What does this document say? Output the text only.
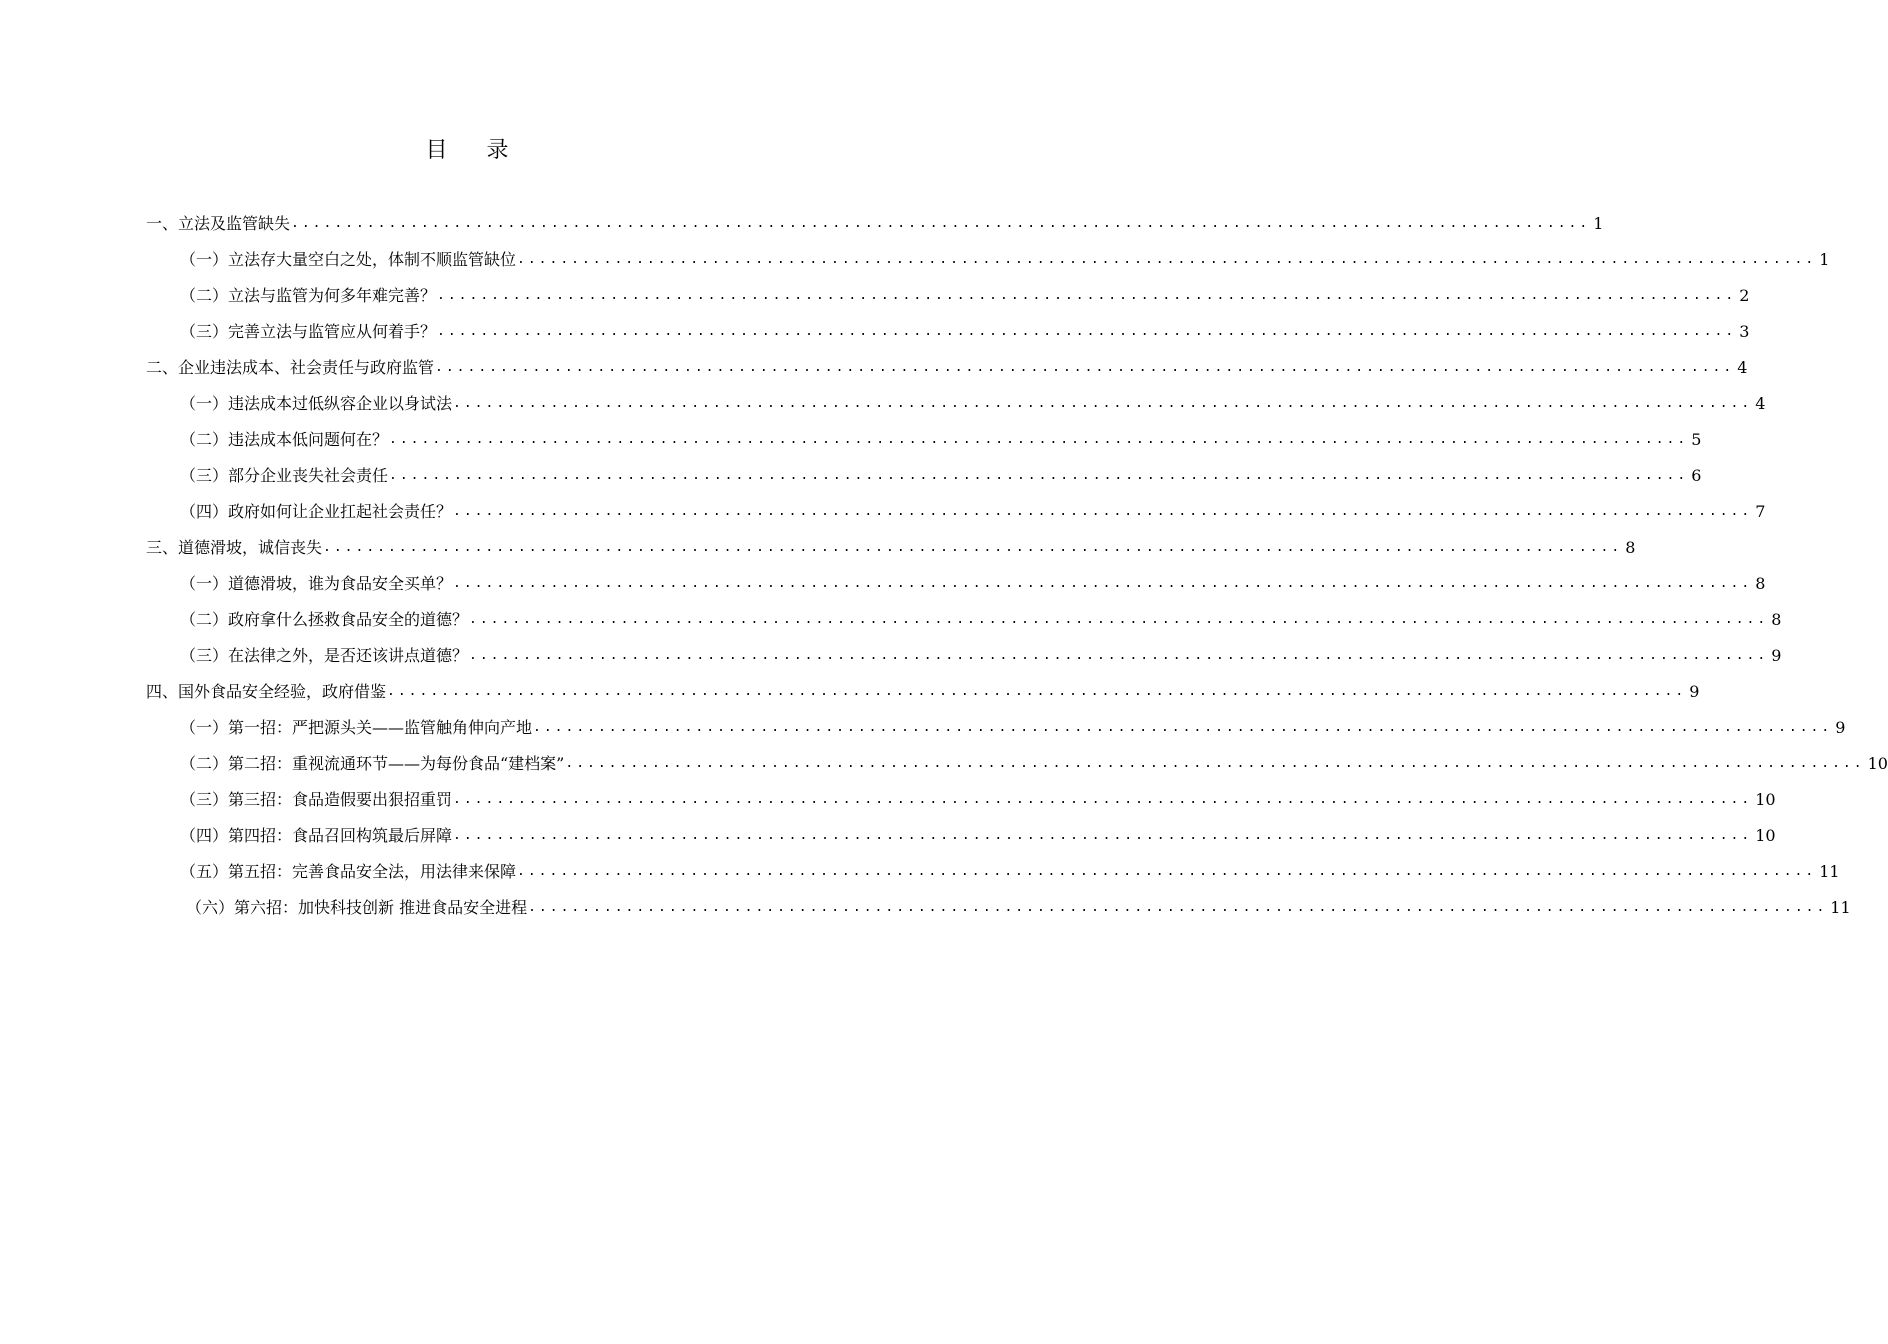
目 录
一、立法及监管缺失 ........................................................................................................................ 1
（一）立法存大量空白之处，体制不顺监管缺位 ........................................................................................................................ 1
（二）立法与监管为何多年难完善？ ........................................................................................................................ 2
（三）完善立法与监管应从何着手？ ........................................................................................................................ 3
二、企业违法成本、社会责任与政府监管 ........................................................................................................................ 4
（一）违法成本过低纵容企业以身试法 ........................................................................................................................ 4
（二）违法成本低问题何在？ ........................................................................................................................ 5
（三）部分企业丧失社会责任 ........................................................................................................................ 6
（四）政府如何让企业扛起社会责任？ ........................................................................................................................ 7
三、道德滑坡，诚信丧失 ........................................................................................................................ 8
（一）道德滑坡，谁为食品安全买单？ ........................................................................................................................ 8
（二）政府拿什么拯救食品安全的道德？ ........................................................................................................................ 8
（三）在法律之外，是否还该讲点道德？ ........................................................................................................................ 9
四、国外食品安全经验，政府借鉴 ........................................................................................................................ 9
（一）第一招：严把源头关——监管触角伸向产地 ........................................................................................................................ 9
（二）第二招：重视流通环节——为每份食品“建档案” ........................................................................................................................ 10
（三）第三招：食品造假要出狠招重罚 ........................................................................................................................ 10
（四）第四招：食品召回构筑最后屏障 ........................................................................................................................ 10
（五）第五招：完善食品安全法，用法律来保障 ........................................................................................................................ 11
（六）第六招：加快科技创新 推进食品安全进程 ........................................................................................................................ 11
